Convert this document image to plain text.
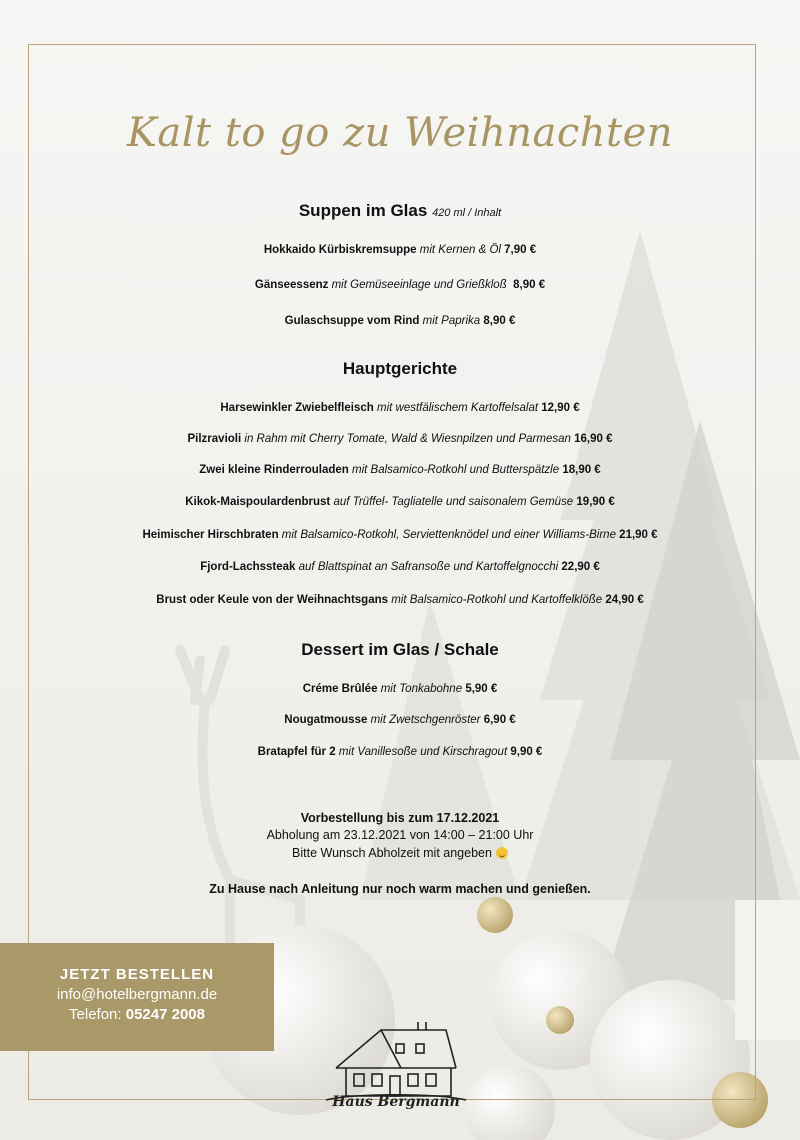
Kalt to go zu Weihnachten
Suppen im Glas 420 ml / Inhalt
Hokkaido Kürbiskremsuppe mit Kernen & Öl 7,90 €
Gänseessenz mit Gemüseeinlage und Grießkloß 8,90 €
Gulaschsuppe vom Rind mit Paprika 8,90 €
Hauptgerichte
Harsewinkler Zwiebelfleisch mit westfälischem Kartoffelsalat 12,90 €
Pilzravioli in Rahm mit Cherry Tomate, Wald & Wiesnpilzen und Parmesan 16,90 €
Zwei kleine Rinderrouladen mit Balsamico-Rotkohl und Butterspätzle 18,90 €
Kikok-Maispoulardenbrust auf Trüffel- Tagliatelle und saisonalem Gemüse 19,90 €
Heimischer Hirschbraten mit Balsamico-Rotkohl, Serviettenknödel und einer Williams-Birne 21,90 €
Fjord-Lachssteak auf Blattspinat an Safransoße und Kartoffelgnocchi 22,90 €
Brust oder Keule von der Weihnachtsgans mit Balsamico-Rotkohl und Kartoffelklöße 24,90 €
Dessert im Glas / Schale
Créme Brûlée mit Tonkabohne 5,90 €
Nougatmousse mit Zwetschgenröster 6,90 €
Bratapfel für 2 mit Vanillesoße und Kirschragout 9,90 €
Vorbestellung bis zum 17.12.2021
Abholung am 23.12.2021 von 14:00 – 21:00 Uhr
Bitte Wunsch Abholzeit mit angeben
Zu Hause nach Anleitung nur noch warm machen und genießen.
JETZT BESTELLEN
info@hotelbergmann.de
Telefon: 05247 2008
Haus Bergmann
